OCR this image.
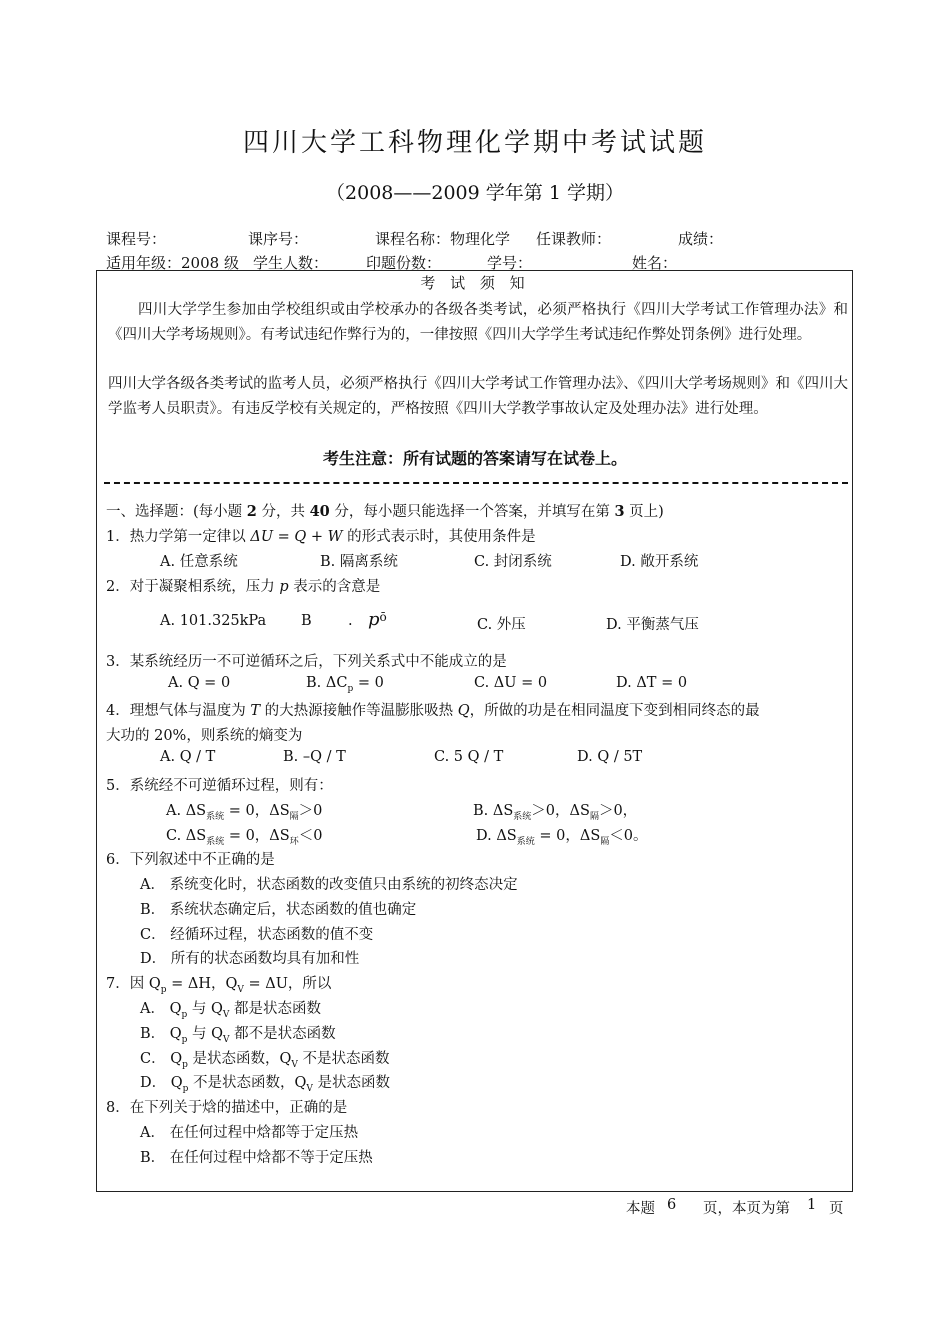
四川大学工科物理化学期中考试试题
（2008——2009 学年第 1 学期）
课程号：	课序号：	课程名称：物理化学 任课教师：	成绩：
适用年级：2008 级 学生人数：	印题份数：	学号：	姓名：
考 试 须 知
四川大学学生参加由学校组织或由学校承办的各级各类考试，必须严格执行《四川大学考试工作管理办法》和《四川大学考场规则》。有考试违纪作弊行为的，一律按照《四川大学学生考试违纪作弊处罚条例》进行处理。
四川大学各级各类考试的监考人员，必须严格执行《四川大学考试工作管理办法》、《四川大学考场规则》和《四川大学监考人员职责》。有违反学校有关规定的，严格按照《四川大学教学事故认定及处理办法》进行处理。
考生注意：所有试题的答案请写在试卷上。
一、选择题：(每小题 2 分，共 40 分，每小题只能选择一个答案，并填写在第 3 页上)
1．热力学第一定律以 ΔU = Q + W 的形式表示时，其使用条件是
A. 任意系统	B. 隔离系统	C. 封闭系统	D. 敞开系统
2．对于凝聚相系统，压力 p 表示的含意是
A. 101.325kPa B	. $p^ō$	C. 外压	D. 平衡蒸气压
3．某系统经历一不可逆循环之后，下列关系式中不能成立的是
A. Q = 0	B. $\Delta C_p = 0$	C. ΔU = 0	D. ΔT = 0
4．理想气体与温度为 T 的大热源接触作等温膨胀吸热 Q，所做的功是在相同温度下变到相同终态的最
大功的 20%，则系统的熵变为
A. Q / T	B. –Q / T	C. 5 Q / T	D. Q / 5T
5．系统经不可逆循环过程，则有：
A. $\Delta S_{系统} = 0$，$\Delta S_隔>0$	B. $\Delta S_{系统}>0$，$\Delta S_隔>0$，
C. $\Delta S_{系统} = 0$，$\Delta S_环<0$	D. $\Delta S_{系统} = 0$，$\Delta S_隔<0$。
6．下列叙述中不正确的是
A． 系统变化时，状态函数的改变值只由系统的初终态决定
B． 系统状态确定后，状态函数的值也确定
C． 经循环过程，状态函数的值不变
D． 所有的状态函数均具有加和性
7．因 $Q_p = \Delta H$，$Q_V = \Delta U$，所以
A． $Q_p$ 与 $Q_V$ 都是状态函数
B． $Q_p$ 与 $Q_V$ 都不是状态函数
C． $Q_p$ 是状态函数，$Q_V$ 不是状态函数
D． $Q_p$ 不是状态函数，$Q_V$ 是状态函数
8．在下列关于焓的描述中，正确的是
A． 在任何过程中焓都等于定压热
B． 在任何过程中焓都不等于定压热
本题 6 页，本页为第 1 页
